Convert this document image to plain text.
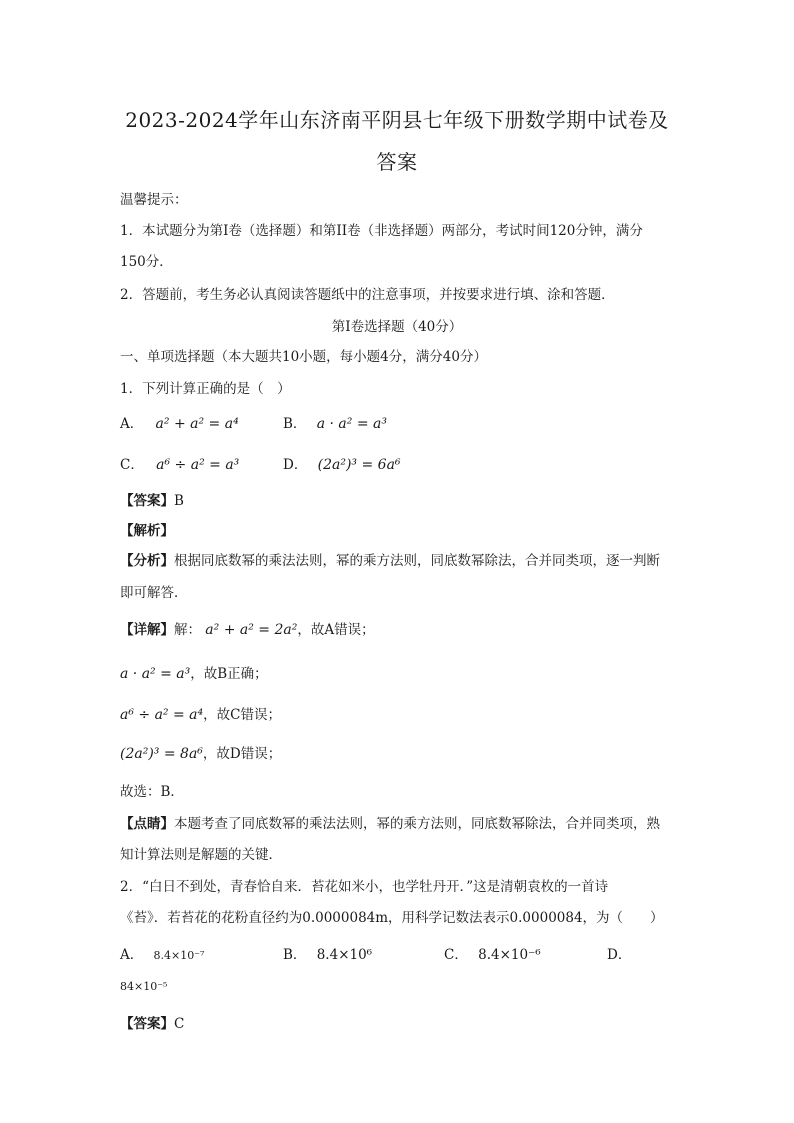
2023-2024学年山东济南平阴县七年级下册数学期中试卷及
答案
温馨提示：
1．本试题分为第I卷（选择题）和第II卷（非选择题）两部分，考试时间120分钟，满分
150分．
2．答题前，考生务必认真阅读答题纸中的注意事项，并按要求进行填、涂和答题．
第I卷选择题（40分）
一、单项选择题（本大题共10小题，每小题4分，满分40分）
1．下列计算正确的是（　）
A． a² + a² = a⁴	B． a · a² = a³
C． a⁶ ÷ a² = a³	D． (2a²)³ = 6a⁶
【答案】B
【解析】
【分析】根据同底数幂的乘法法则，幂的乘方法则，同底数幂除法，合并同类项，逐一判断
即可解答．
【详解】解： a² + a² = 2a²，故A错误；
a · a² = a³，故B正确；
a⁶ ÷ a² = a⁴，故C错误；
(2a²)³ = 8a⁶，故D错误；
故选：B．
【点睛】本题考查了同底数幂的乘法法则，幂的乘方法则，同底数幂除法，合并同类项，熟
知计算法则是解题的关键．
2．“白日不到处，青春恰自来．苔花如米小，也学牡丹开．”这是清朝袁枚的一首诗
《苔》．若苔花的花粉直径约为0.0000084m，用科学记数法表示0.0000084，为（　　）
A． 8.4×10⁻⁷	B． 8.4×10⁶	C． 8.4×10⁻⁶	D．
84×10⁻⁵
【答案】C
